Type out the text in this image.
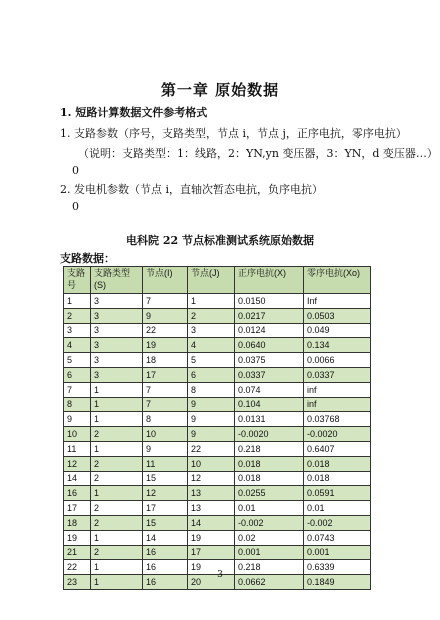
第一章 原始数据
1. 短路计算数据文件参考格式
1. 支路参数（序号，支路类型，节点 i，节点 j，正序电抗，零序电抗）
（说明：支路类型：1：线路，2：YN,yn 变压器，3：YN，d 变压器…）
0
2. 发电机参数（节点 i，直轴次暂态电抗，负序电抗）
0
电科院 22 节点标准测试系统原始数据
支路数据：
支路号	支路类型(S)	节点(I)	节点(J)	正序电抗(X)	零序电抗(Xo)
1	3	7	1	0.0150	Inf
2	3	9	2	0.0217	0.0503
3	3	22	3	0.0124	0.049
4	3	19	4	0.0640	0.134
5	3	18	5	0.0375	0.0066
6	3	17	6	0.0337	0.0337
7	1	7	8	0.074	inf
8	1	7	9	0.104	inf
9	1	8	9	0.0131	0.03768
10	2	10	9	-0.0020	-0.0020
11	1	9	22	0.218	0.6407
12	2	11	10	0.018	0.018
14	2	15	12	0.018	0.018
16	1	12	13	0.0255	0.0591
17	2	17	13	0.01	0.01
18	2	15	14	-0.002	-0.002
19	1	14	19	0.02	0.0743
21	2	16	17	0.001	0.001
22	1	16	19	0.218	0.6339
23	1	16	20	0.0662	0.1849
3
